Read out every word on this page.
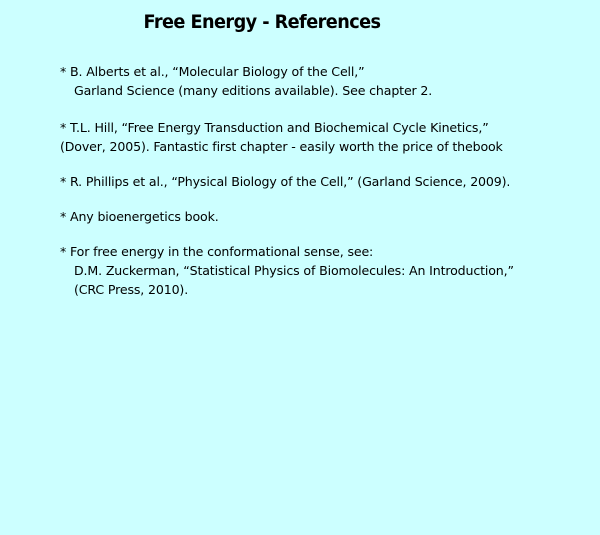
Free Energy - References
* B. Alberts et al., “Molecular Biology of the Cell,”
Garland Science (many editions available). See chapter 2.
* T.L. Hill, “Free Energy Transduction and Biochemical Cycle Kinetics,”
(Dover, 2005). Fantastic first chapter - easily worth the price of thebook
* R. Phillips et al., “Physical Biology of the Cell,” (Garland Science, 2009).
* Any bioenergetics book.
* For free energy in the conformational sense, see:
D.M. Zuckerman, “Statistical Physics of Biomolecules: An Introduction,”
(CRC Press, 2010).
